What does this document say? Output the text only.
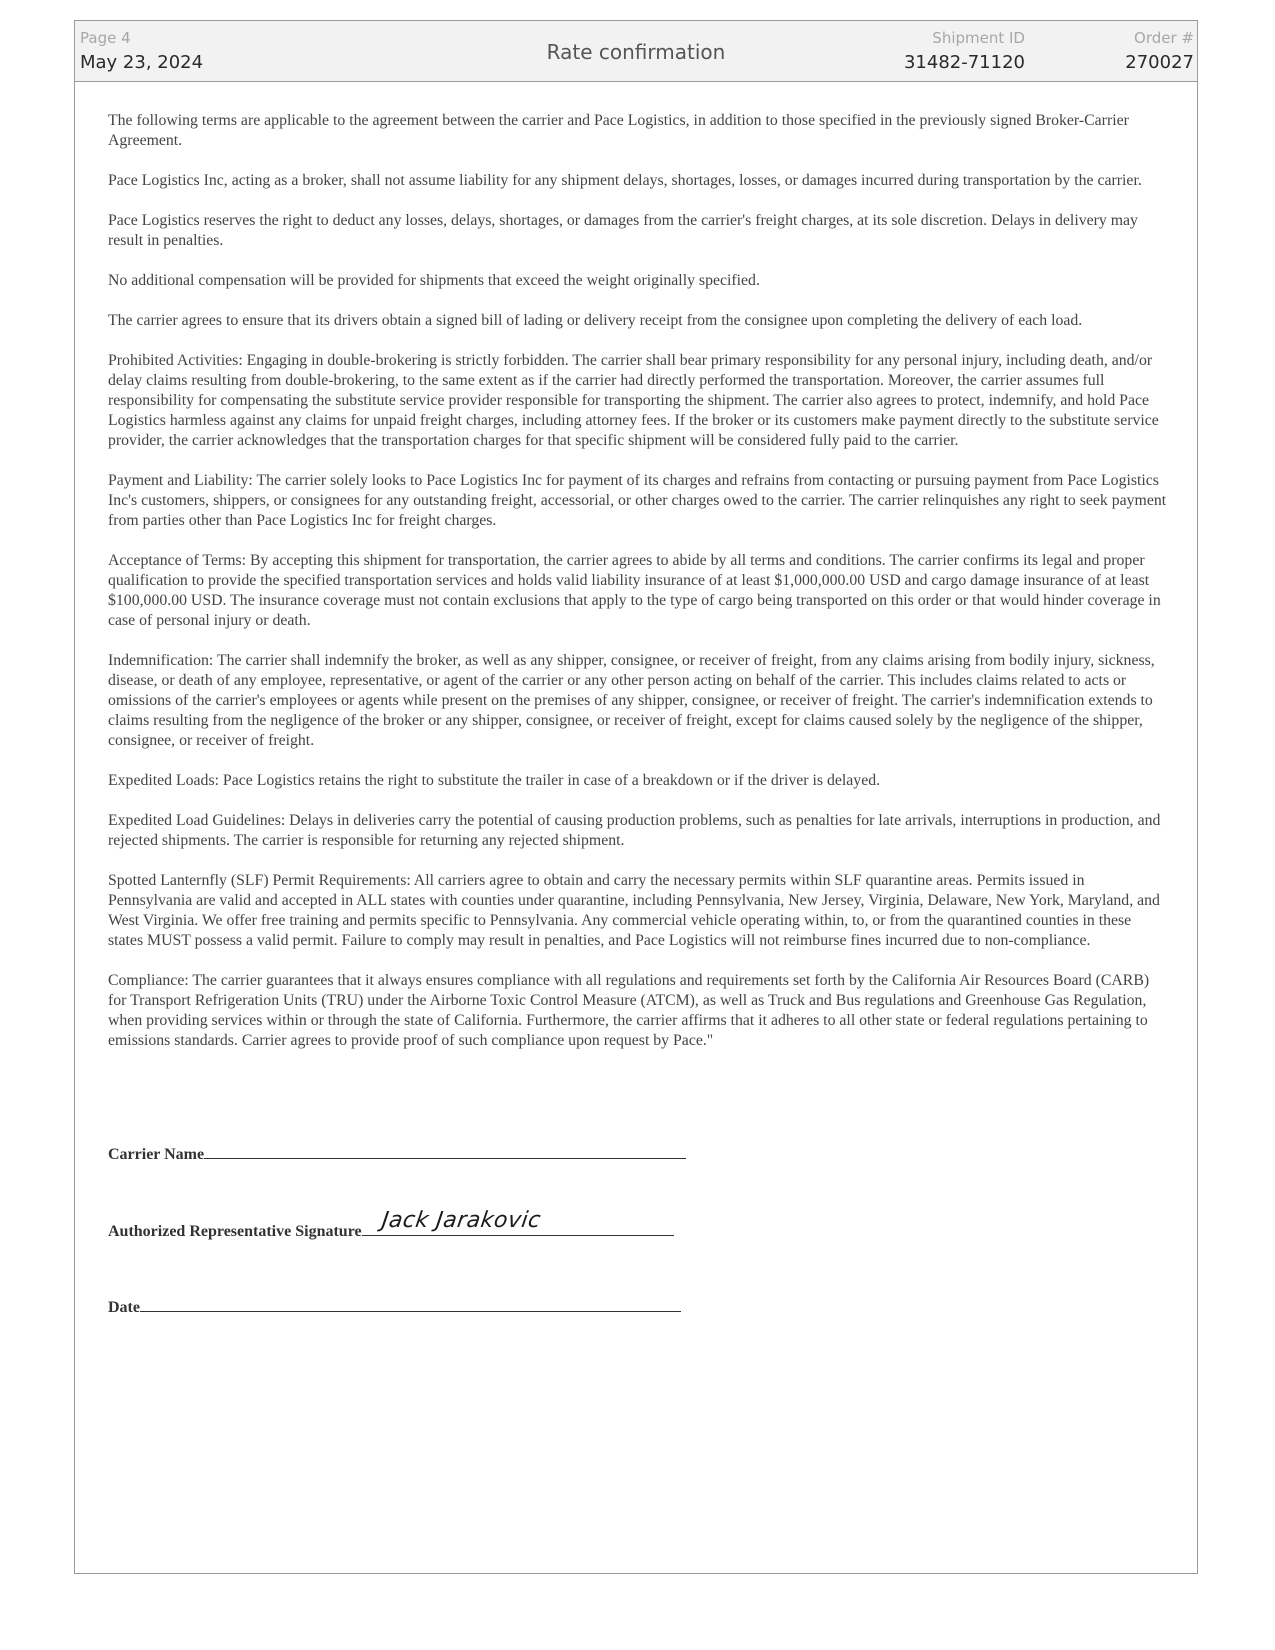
Page 4
May 23, 2024	Rate confirmation
Shipment ID
31482-71120
Order #
270027

The following terms are applicable to the agreement between the carrier and Pace Logistics, in addition to those specified in the previously signed Broker-Carrier Agreement.

Pace Logistics Inc, acting as a broker, shall not assume liability for any shipment delays, shortages, losses, or damages incurred during transportation by the carrier.

Pace Logistics reserves the right to deduct any losses, delays, shortages, or damages from the carrier's freight charges, at its sole discretion. Delays in delivery may result in penalties.

No additional compensation will be provided for shipments that exceed the weight originally specified.

The carrier agrees to ensure that its drivers obtain a signed bill of lading or delivery receipt from the consignee upon completing the delivery of each load.

Prohibited Activities: Engaging in double-brokering is strictly forbidden. The carrier shall bear primary responsibility for any personal injury, including death, and/or delay claims resulting from double-brokering, to the same extent as if the carrier had directly performed the transportation. Moreover, the carrier assumes full responsibility for compensating the substitute service provider responsible for transporting the shipment. The carrier also agrees to protect, indemnify, and hold Pace Logistics harmless against any claims for unpaid freight charges, including attorney fees. If the broker or its customers make payment directly to the substitute service provider, the carrier acknowledges that the transportation charges for that specific shipment will be considered fully paid to the carrier.

Payment and Liability: The carrier solely looks to Pace Logistics Inc for payment of its charges and refrains from contacting or pursuing payment from Pace Logistics Inc's customers, shippers, or consignees for any outstanding freight, accessorial, or other charges owed to the carrier. The carrier relinquishes any right to seek payment from parties other than Pace Logistics Inc for freight charges.

Acceptance of Terms: By accepting this shipment for transportation, the carrier agrees to abide by all terms and conditions. The carrier confirms its legal and proper qualification to provide the specified transportation services and holds valid liability insurance of at least $1,000,000.00 USD and cargo damage insurance of at least $100,000.00 USD. The insurance coverage must not contain exclusions that apply to the type of cargo being transported on this order or that would hinder coverage in case of personal injury or death.

Indemnification: The carrier shall indemnify the broker, as well as any shipper, consignee, or receiver of freight, from any claims arising from bodily injury, sickness, disease, or death of any employee, representative, or agent of the carrier or any other person acting on behalf of the carrier. This includes claims related to acts or omissions of the carrier's employees or agents while present on the premises of any shipper, consignee, or receiver of freight. The carrier's indemnification extends to claims resulting from the negligence of the broker or any shipper, consignee, or receiver of freight, except for claims caused solely by the negligence of the shipper, consignee, or receiver of freight.

Expedited Loads: Pace Logistics retains the right to substitute the trailer in case of a breakdown or if the driver is delayed.

Expedited Load Guidelines: Delays in deliveries carry the potential of causing production problems, such as penalties for late arrivals, interruptions in production, and rejected shipments. The carrier is responsible for returning any rejected shipment.

Spotted Lanternfly (SLF) Permit Requirements: All carriers agree to obtain and carry the necessary permits within SLF quarantine areas. Permits issued in Pennsylvania are valid and accepted in ALL states with counties under quarantine, including Pennsylvania, New Jersey, Virginia, Delaware, New York, Maryland, and West Virginia. We offer free training and permits specific to Pennsylvania. Any commercial vehicle operating within, to, or from the quarantined counties in these states MUST possess a valid permit. Failure to comply may result in penalties, and Pace Logistics will not reimburse fines incurred due to non-compliance.

Compliance: The carrier guarantees that it always ensures compliance with all regulations and requirements set forth by the California Air Resources Board (CARB) for Transport Refrigeration Units (TRU) under the Airborne Toxic Control Measure (ATCM), as well as Truck and Bus regulations and Greenhouse Gas Regulation, when providing services within or through the state of California. Furthermore, the carrier affirms that it adheres to all other state or federal regulations pertaining to emissions standards. Carrier agrees to provide proof of such compliance upon request by Pace."

Carrier Name
Authorized Representative Signature Jack Jarakovic
Date
